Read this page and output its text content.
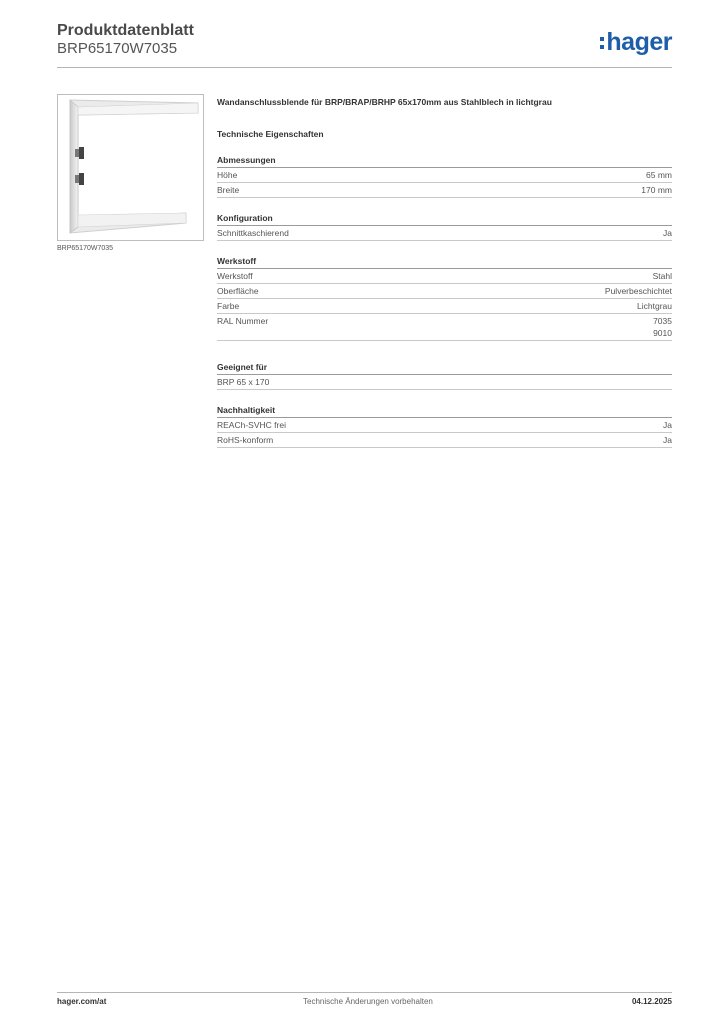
Produktdatenblatt
BRP65170W7035	hager
BRP65170W7035
Wandanschlussblende für BRP/BRAP/BRHP 65x170mm aus Stahlblech in lichtgrau
Technische Eigenschaften
Abmessungen
Höhe	65 mm
Breite	170 mm
Konfiguration
Schnittkaschierend	Ja
Werkstoff
Werkstoff	Stahl
Oberfläche	Pulverbeschichtet
Farbe	Lichtgrau
RAL Nummer	7035
9010
Geeignet für
BRP 65 x 170
Nachhaltigkeit
REACh-SVHC frei	Ja
RoHS-konform	Ja
hager.com/at	Technische Änderungen vorbehalten	04.12.2025
